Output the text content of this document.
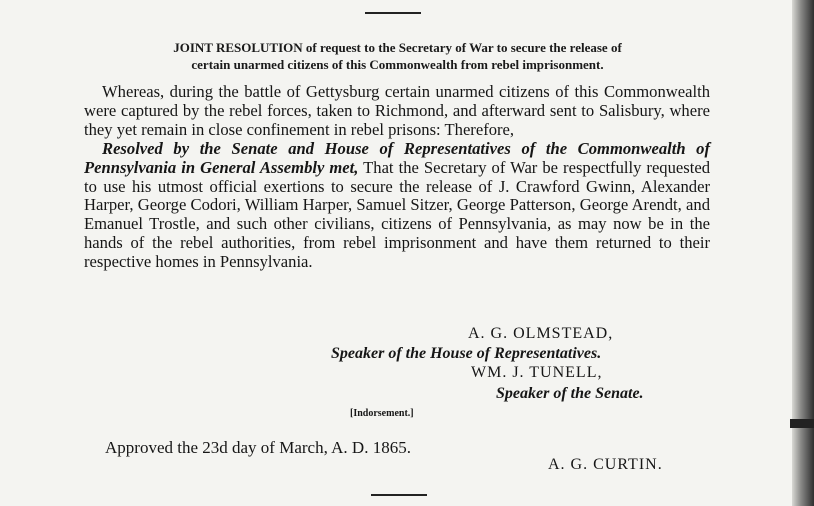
JOINT RESOLUTION of request to the Secretary of War to secure the release of
certain unarmed citizens of this Commonwealth from rebel imprisonment.

Whereas, during the battle of Gettysburg certain unarmed citizens of this Commonwealth were captured by the rebel forces, taken to Richmond, and afterward sent to Salisbury, where they yet remain in close confinement in rebel prisons: Therefore,

Resolved by the Senate and House of Representatives of the Commonwealth of Pennsylvania in General Assembly met, That the Secretary of War be respectfully requested to use his utmost official exertions to secure the release of J. Crawford Gwinn, Alexander Harper, George Codori, William Harper, Samuel Sitzer, George Patterson, George Arendt, and Emanuel Trostle, and such other civilians, citizens of Pennsylvania, as may now be in the hands of the rebel authorities, from rebel imprisonment and have them returned to their respective homes in Pennsylvania.

A. G. OLMSTEAD,
Speaker of the House of Representatives.
WM. J. TUNELL,
Speaker of the Senate.
[Indorsement.]
Approved the 23d day of March, A. D. 1865.
A. G. CURTIN.
